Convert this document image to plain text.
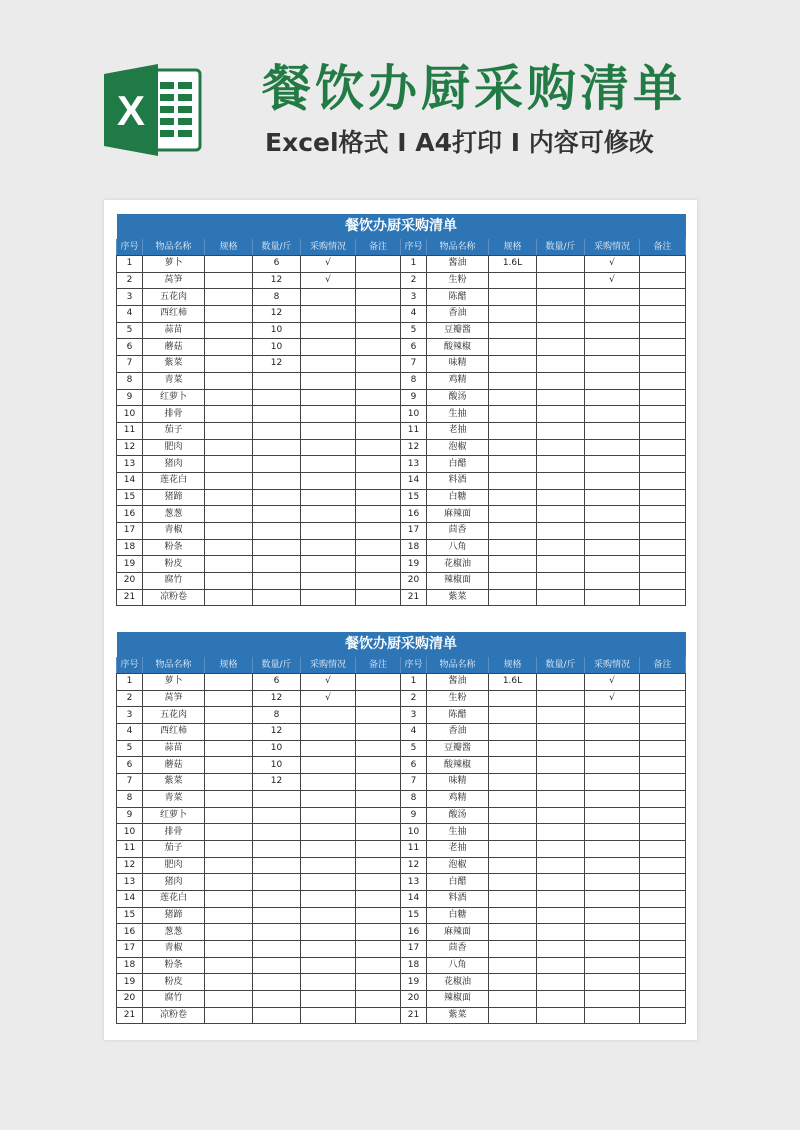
X 餐饮办厨采购清单
Excel格式 I A4打印 I 内容可修改
餐饮办厨采购清单											
序号	物品名称	规格	数量/斤	采购情况	备注	序号	物品名称	规格	数量/斤	采购情况	备注
1	萝卜		6	√		1	酱油	1.6L		√	
2	莴笋		12	√		2	生粉			√	
3	五花肉		8			3	陈醋				
4	西红柿		12			4	香油				
5	蒜苗		10			5	豆瓣酱				
6	蘑菇		10			6	酸辣椒				
7	紫菜		12			7	味精				
8	青菜					8	鸡精				
9	红萝卜					9	酸汤				
10	排骨					10	生抽				
11	茄子					11	老抽				
12	肥肉					12	泡椒				
13	猪肉					13	白醋				
14	莲花白					14	料酒				
15	猪蹄					15	白糖				
16	葱葱					16	麻辣面				
17	青椒					17	茴香				
18	粉条					18	八角				
19	粉皮					19	花椒油				
20	腐竹					20	辣椒面				
21	凉粉卷					21	紫菜				
餐饮办厨采购清单											
序号	物品名称	规格	数量/斤	采购情况	备注	序号	物品名称	规格	数量/斤	采购情况	备注
1	萝卜		6	√		1	酱油	1.6L		√	
2	莴笋		12	√		2	生粉			√	
3	五花肉		8			3	陈醋				
4	西红柿		12			4	香油				
5	蒜苗		10			5	豆瓣酱				
6	蘑菇		10			6	酸辣椒				
7	紫菜		12			7	味精				
8	青菜					8	鸡精				
9	红萝卜					9	酸汤				
10	排骨					10	生抽				
11	茄子					11	老抽				
12	肥肉					12	泡椒				
13	猪肉					13	白醋				
14	莲花白					14	料酒				
15	猪蹄					15	白糖				
16	葱葱					16	麻辣面				
17	青椒					17	茴香				
18	粉条					18	八角				
19	粉皮					19	花椒油				
20	腐竹					20	辣椒面				
21	凉粉卷					21	紫菜				
